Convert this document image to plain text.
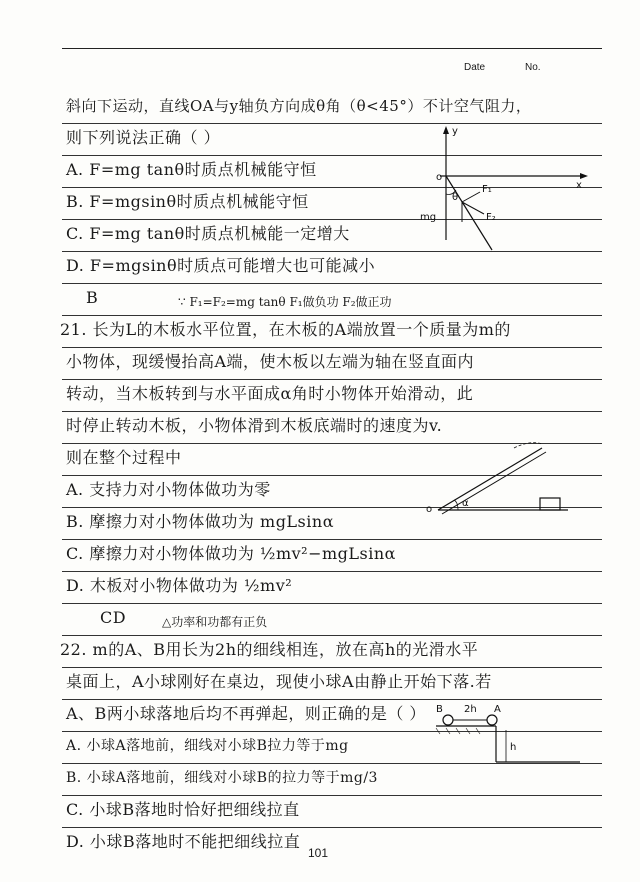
Date	No.
斜向下运动，直线OA与y轴负方向成θ角（θ<45°）不计空气阻力，
则下列说法正确（ ）
A. F=mg tanθ时质点机械能守恒
B. F=mgsinθ时质点机械能守恒
C. F=mg tanθ时质点机械能一定增大
D. F=mgsinθ时质点可能增大也可能减小
B	∵ F₁=F₂=mg tanθ F₁做负功 F₂做正功
21. 长为L的木板水平位置，在木板的A端放置一个质量为m的
小物体，现缓慢抬高A端，使木板以左端为轴在竖直面内
转动，当木板转到与水平面成α角时小物体开始滑动，此
时停止转动木板，小物体滑到木板底端时的速度为v.
则在整个过程中
A. 支持力对小物体做功为零
B. 摩擦力对小物体做功为 mgLsinα
C. 摩擦力对小物体做功为 ½mv²−mgLsinα
D. 木板对小物体做功为 ½mv²
CD	△功率和功都有正负
22. m的A、B用长为2h的细线相连，放在高h的光滑水平
桌面上，A小球刚好在桌边，现使小球A由静止开始下落.若
A、B两小球落地后均不再弹起，则正确的是（ ）
A. 小球A落地前，细线对小球B拉力等于mg
B. 小球A落地前，细线对小球B的拉力等于mg/3
C. 小球B落地时恰好把细线拉直
D. 小球B落地时不能把细线拉直
o
y
x
θ
F₁
F₂
mg
o
α
B	A
2h
h
101
